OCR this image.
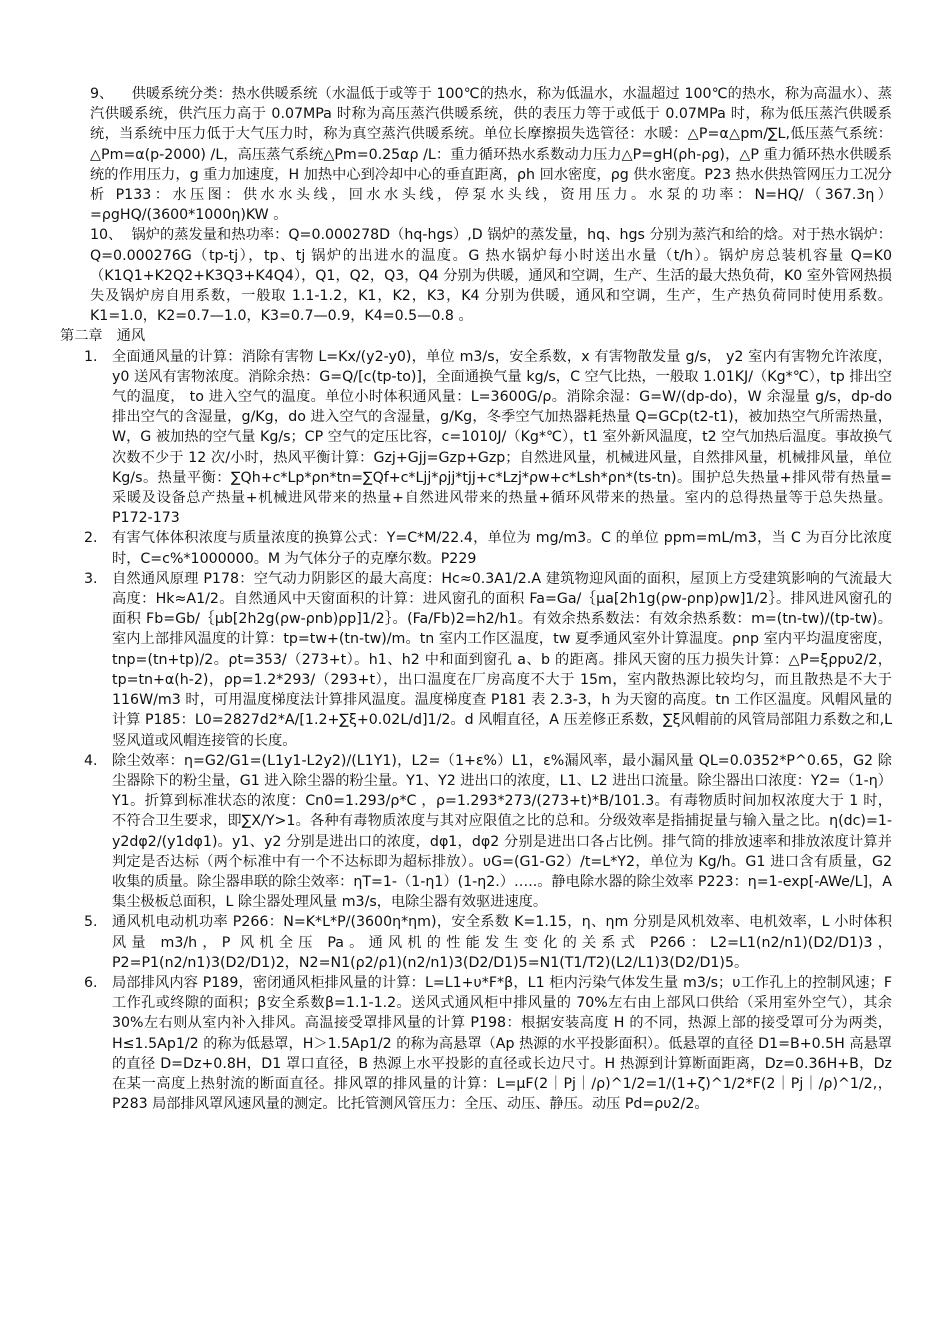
9、 供暖系统分类：热水供暖系统（水温低于或等于 100℃的热水，称为低温水，水温超过 100℃的热水，称为高温水）、蒸汽供暖系统，供汽压力高于 0.07MPa 时称为高压蒸汽供暖系统，供的表压力等于或低于 0.07MPa 时，称为低压蒸汽供暖系统，当系统中压力低于大气压力时，称为真空蒸汽供暖系统。单位长摩擦损失选管径：水暖：△P=α△pm/∑L,低压蒸气系统：△Pm=α(p-2000) /L，高压蒸气系统△Pm=0.25αρ /L：重力循环热水系数动力压力△P=gH(ρh-ρg)，△P 重力循环热水供暖系统的作用压力，g 重力加速度，H 加热中心到冷却中心的垂直距离，ρh 回水密度，ρg 供水密度。P23 热水供热管网压力工况分析 P133：水压图：供水水头线，回水水头线，停泵水头线，资用压力。水泵的功率：N=HQ/（367.3η）=ρgHQ/(3600*1000η)KW 。

10、 锅炉的蒸发量和热功率：Q=0.000278D（hq-hgs）,D 锅炉的蒸发量，hq、hgs 分别为蒸汽和给的焓。对于热水锅炉：Q=0.000276G（tp-tj），tp、tj 锅炉的出进水的温度。G 热水锅炉每小时送出水量（t/h）。锅炉房总装机容量 Q=K0（K1Q1+K2Q2+K3Q3+K4Q4），Q1，Q2，Q3，Q4 分别为供暖，通风和空调，生产、生活的最大热负荷，K0 室外管网热损失及锅炉房自用系数，一般取 1.1-1.2，K1，K2，K3，K4 分别为供暖，通风和空调，生产，生产热负荷同时使用系数。K1=1.0，K2=0.7—1.0，K3=0.7—0.9，K4=0.5—0.8 。

第二章　通风

1. 全面通风量的计算：消除有害物 L=Kx/(y2-y0)，单位 m3/s，安全系数，x 有害物散发量 g/s， y2 室内有害物允许浓度，y0 送风有害物浓度。消除余热：G=Q/[c(tp-to)]，全面通换气量 kg/s，C 空气比热，一般取 1.01KJ/（Kg*℃），tp 排出空气的温度， to 进入空气的温度。单位小时体积通风量：L=3600G/ρ。消除余湿：G=W/(dp-do)，W 余湿量 g/s，dp-do 排出空气的含湿量，g/Kg，do 进入空气的含湿量，g/Kg，冬季空气加热器耗热量 Q=GCp(t2-t1)，被加热空气所需热量，W，G 被加热的空气量 Kg/s；CP 空气的定压比容，c=1010J/（Kg*℃），t1 室外新风温度，t2 空气加热后温度。事故换气次数不少于 12 次/小时，热风平衡计算：Gzj+Gjj=Gzp+Gzp；自然进风量，机械进风量，自然排风量，机械排风量，单位 Kg/s。热量平衡：∑Qh+c*Lp*ρn*tn=∑Qf+c*Ljj*ρjj*tjj+c*Lzj*ρw+c*Lsh*ρn*(ts-tn)。围护总失热量+排风带有热量=采暖及设备总产热量+机械进风带来的热量+自然进风带来的热量+循环风带来的热量。室内的总得热量等于总失热量。P172-173

2. 有害气体体积浓度与质量浓度的换算公式：Y=C*M/22.4，单位为 mg/m3。C 的单位 ppm=mL/m3，当 C 为百分比浓度时，C=c%*1000000。M 为气体分子的克摩尔数。P229

3. 自然通风原理 P178：空气动力阴影区的最大高度：Hc≈0.3A1/2.A 建筑物迎风面的面积，屋顶上方受建筑影响的气流最大高度：Hk≈A1/2。自然通风中天窗面积的计算：进风窗孔的面积 Fa=Ga/｛μa[2h1g(ρw-ρnp)ρw]1/2｝。排风进风窗孔的面积 Fb=Gb/｛μb[2h2g(ρw-ρnb)ρp]1/2｝。(Fa/Fb)2=h2/h1。有效余热系数法：有效余热系数：m=(tn-tw)/(tp-tw)。室内上部排风温度的计算：tp=tw+(tn-tw)/m。tn 室内工作区温度，tw 夏季通风室外计算温度。ρnp 室内平均温度密度，tnp=(tn+tp)/2。ρt=353/（273+t）。h1、h2 中和面到窗孔 a、b 的距离。排风天窗的压力损失计算：△P=ξρpυ2/2，tp=tn+α(h-2)，ρp=1.2*293/（293+t），出口温度在厂房高度不大于 15m，室内散热源比较均匀，而且散热是不大于 116W/m3 时，可用温度梯度法计算排风温度。温度梯度查 P181 表 2.3-3，h 为天窗的高度。tn 工作区温度。风帽风量的计算 P185：L0=2827d2*A/[1.2+∑ξ+0.02L/d]1/2。d 风帽直径，A 压差修正系数，∑ξ风帽前的风管局部阻力系数之和,L 竖风道或风帽连接管的长度。

4. 除尘效率：η=G2/G1=(L1y1-L2y2)/(L1Y1)，L2=（1+ε%）L1，ε%漏风率，最小漏风量 QL=0.0352*P^0.65，G2 除尘器除下的粉尘量，G1 进入除尘器的粉尘量。Y1、Y2 进出口的浓度，L1、L2 进出口流量。除尘器出口浓度：Y2=（1-η）Y1。折算到标准状态的浓度：Cn0=1.293/ρ*C ，ρ=1.293*273/(273+t)*B/101.3。有毒物质时间加权浓度大于 1 时，不符合卫生要求，即∑X/Y>1。各种有毒物质浓度与其对应限值之比的总和。分级效率是指捕捉量与输入量之比。η(dc)=1-y2dφ2/(y1dφ1)。y1、y2 分别是进出口的浓度，dφ1，dφ2 分别是进出口各占比例。排气筒的排放速率和排放浓度计算并判定是否达标（两个标准中有一个不达标即为超标排放）。υG=(G1-G2）/t=L*Y2，单位为 Kg/h。G1 进口含有质量，G2 收集的质量。除尘器串联的除尘效率：ηT=1-（1-η1）(1-η2.）…..。静电除水器的除尘效率 P223：η=1-exp[-AWe/L]，A 集尘极板总面积，L 除尘器处理风量 m3/s，电除尘器有效驱进速度。

5. 通风机电动机功率 P266：N=K*L*P/(3600η*ηm)，安全系数 K=1.15，η、ηm 分别是风机效率、电机效率，L 小时体积风量 m3/h，P 风机全压 Pa。通风机的性能发生变化的关系式 P266：L2=L1(n2/n1)(D2/D1)3，P2=P1(n2/n1)3(D2/D1)2，N2=N1(ρ2/ρ1)(n2/n1)3(D2/D1)5=N1(T1/T2)(L2/L1)3(D2/D1)5。

6. 局部排风内容 P189，密闭通风柜排风量的计算：L=L1+υ*F*β，L1 柜内污染气体发生量 m3/s；υ工作孔上的控制风速；F 工作孔或终隙的面积；β安全系数β=1.1-1.2。送风式通风柜中排风量的 70%左右由上部风口供给（采用室外空气），其余 30%左右则从室内补入排风。高温接受罩排风量的计算 P198：根据安装高度 H 的不同，热源上部的接受罩可分为两类，H≤1.5Ap1/2 的称为低悬罩，H＞1.5Ap1/2 的称为高悬罩（Ap 热源的水平投影面积）。低悬罩的直径 D1=B+0.5H 高悬罩的直径 D=Dz+0.8H，D1 罩口直径，B 热源上水平投影的直径或长边尺寸。H 热源到计算断面距离，Dz=0.36H+B，Dz 在某一高度上热射流的断面直径。排风罩的排风量的计算：L=μF(2｜Pj｜/ρ)^1/2=1/(1+ζ)^1/2*F(2｜Pj｜/ρ)^1/2,，P283 局部排风罩风速风量的测定。比托管测风管压力：全压、动压、静压。动压 Pd=ρυ2/2。
